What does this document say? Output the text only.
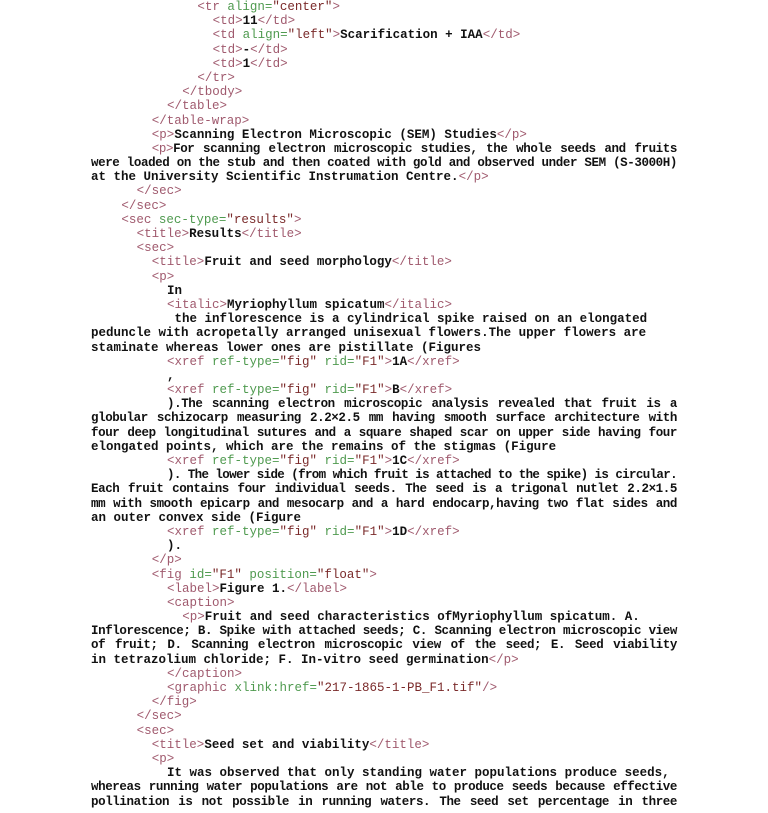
<tr align="center">
<td>11</td>
<td align="left">Scarification + IAA</td>
<td>-</td>
<td>1</td>
</tr>
</tbody>
</table>
</table-wrap>
<p>Scanning Electron Microscopic (SEM) Studies</p>
<p>For scanning electron microscopic studies, the whole seeds and fruits
were loaded on the stub and then coated with gold and observed under SEM (S-3000H)
at the University Scientific Instrumation Centre.</p>
</sec>
</sec>
<sec sec-type="results">
<title>Results</title>
<sec>
<title>Fruit and seed morphology</title>
<p>
In
<italic>Myriophyllum spicatum</italic>
the inflorescence is a cylindrical spike raised on an elongated
peduncle with acropetally arranged unisexual flowers.The upper flowers are
staminate whereas lower ones are pistillate (Figures
<xref ref-type="fig" rid="F1">1A</xref>
,
<xref ref-type="fig" rid="F1">B</xref>
).The scanning electron microscopic analysis revealed that fruit is a
globular schizocarp measuring 2.2×2.5 mm having smooth surface architecture with
four deep longitudinal sutures and a square shaped scar on upper side having four
elongated points, which are the remains of the stigmas (Figure
<xref ref-type="fig" rid="F1">1C</xref>
). The lower side (from which fruit is attached to the spike) is circular.
Each fruit contains four individual seeds. The seed is a trigonal nutlet 2.2×1.5
mm with smooth epicarp and mesocarp and a hard endocarp,having two flat sides and
an outer convex side (Figure
<xref ref-type="fig" rid="F1">1D</xref>
).
</p>
<fig id="F1" position="float">
<label>Figure 1.</label>
<caption>
<p>Fruit and seed characteristics ofMyriophyllum spicatum. A.
Inflorescence; B. Spike with attached seeds; C. Scanning electron microscopic view
of fruit; D. Scanning electron microscopic view of the seed; E. Seed viability
in tetrazolium chloride; F. In-vitro seed germination</p>
</caption>
<graphic xlink:href="217-1865-1-PB_F1.tif"/>
</fig>
</sec>
<sec>
<title>Seed set and viability</title>
<p>
It was observed that only standing water populations produce seeds,
whereas running water populations are not able to produce seeds because effective
pollination is not possible in running waters. The seed set percentage in three
